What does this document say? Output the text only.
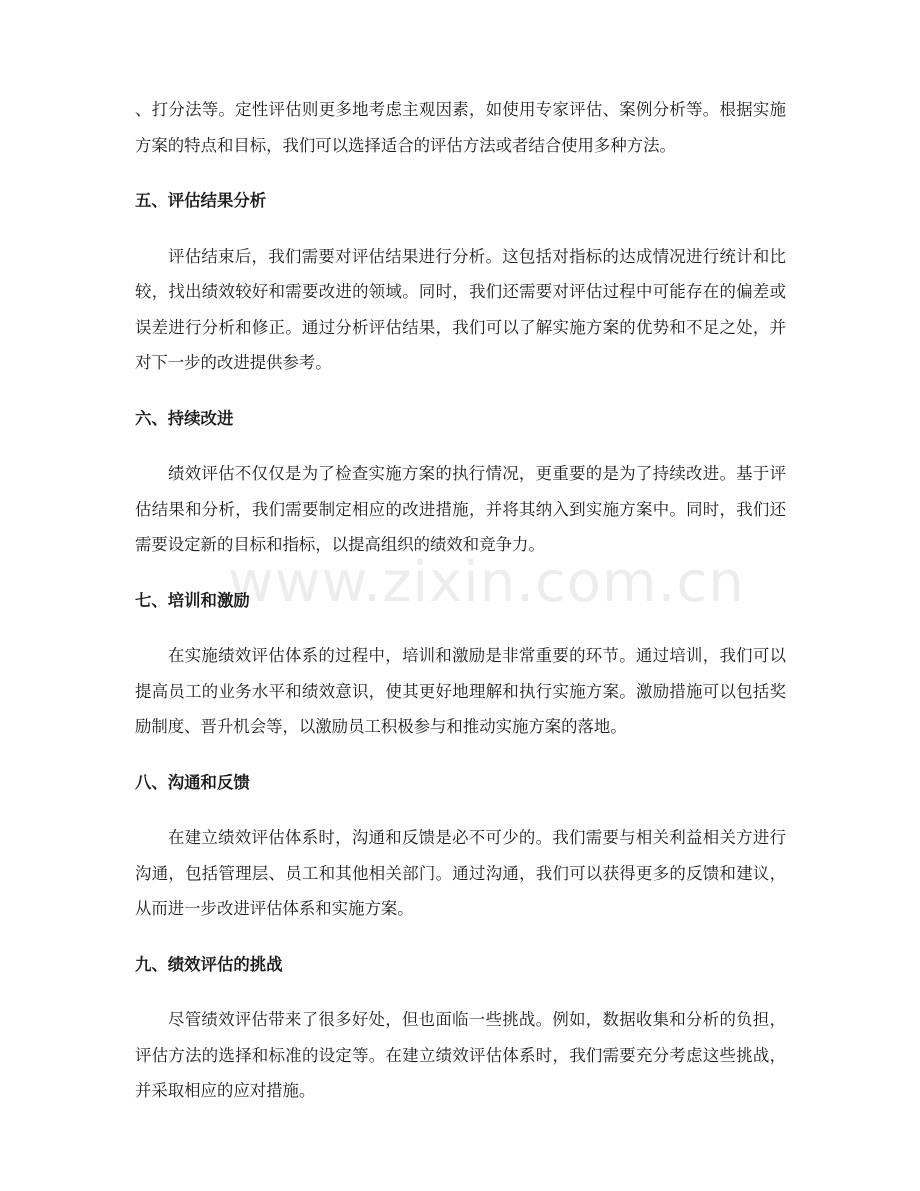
www.zixin.com.cn

、打分法等。定性评估则更多地考虑主观因素，如使用专家评估、案例分析等。根据实施方案的特点和目标，我们可以选择适合的评估方法或者结合使用多种方法。

五、评估结果分析

评估结束后，我们需要对评估结果进行分析。这包括对指标的达成情况进行统计和比较，找出绩效较好和需要改进的领域。同时，我们还需要对评估过程中可能存在的偏差或误差进行分析和修正。通过分析评估结果，我们可以了解实施方案的优势和不足之处，并对下一步的改进提供参考。

六、持续改进

绩效评估不仅仅是为了检查实施方案的执行情况，更重要的是为了持续改进。基于评估结果和分析，我们需要制定相应的改进措施，并将其纳入到实施方案中。同时，我们还需要设定新的目标和指标，以提高组织的绩效和竞争力。

七、培训和激励

在实施绩效评估体系的过程中，培训和激励是非常重要的环节。通过培训，我们可以提高员工的业务水平和绩效意识，使其更好地理解和执行实施方案。激励措施可以包括奖励制度、晋升机会等，以激励员工积极参与和推动实施方案的落地。

八、沟通和反馈

在建立绩效评估体系时，沟通和反馈是必不可少的。我们需要与相关利益相关方进行沟通，包括管理层、员工和其他相关部门。通过沟通，我们可以获得更多的反馈和建议，从而进一步改进评估体系和实施方案。

九、绩效评估的挑战

尽管绩效评估带来了很多好处，但也面临一些挑战。例如，数据收集和分析的负担，评估方法的选择和标准的设定等。在建立绩效评估体系时，我们需要充分考虑这些挑战，并采取相应的应对措施。
